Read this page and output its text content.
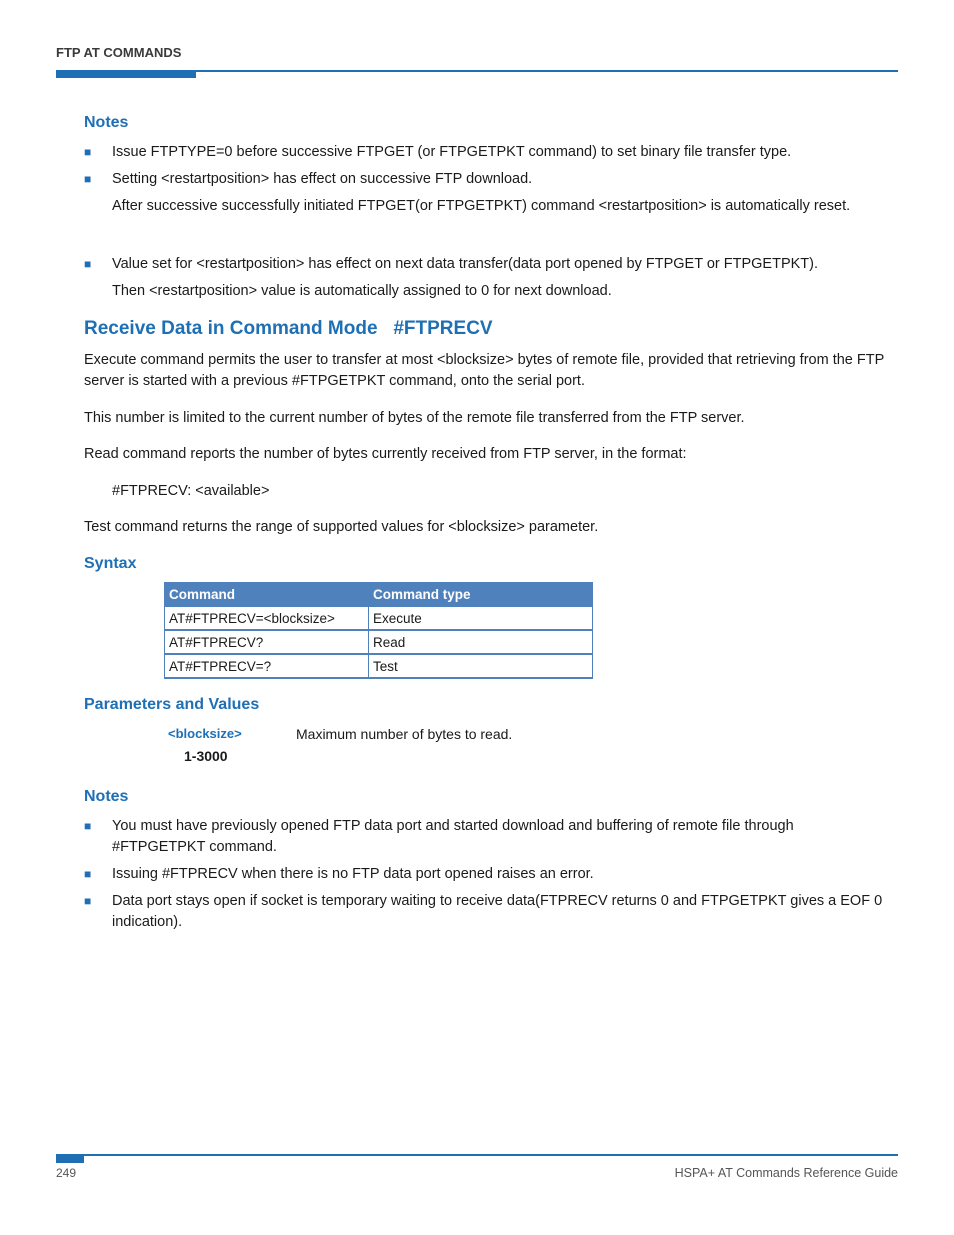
FTP AT COMMANDS
Notes
■ Issue FTPTYPE=0 before successive FTPGET (or FTPGETPKT command) to set binary file transfer type.
■ Setting <restartposition> has effect on successive FTP download.
After successive successfully initiated FTPGET(or FTPGETPKT) command <restartposition> is automatically reset.
■ Value set for <restartposition> has effect on next data transfer(data port opened by FTPGET or FTPGETPKT).
Then <restartposition> value is automatically assigned to 0 for next download.
Receive Data in Command Mode   #FTPRECV
Execute command permits the user to transfer at most <blocksize> bytes of remote file, provided that retrieving from the FTP server is started with a previous #FTPGETPKT command, onto the serial port.
This number is limited to the current number of bytes of the remote file transferred from the FTP server.
Read command reports the number of bytes currently received from FTP server, in the format:
#FTPRECV: <available>
Test command returns the range of supported values for <blocksize> parameter.
Syntax
Command	Command type
AT#FTPRECV=<blocksize>	Execute
AT#FTPRECV?	Read
AT#FTPRECV=?	Test
Parameters and Values
<blocksize>	Maximum number of bytes to read.
1-3000
Notes
■ You must have previously opened FTP data port and started download and buffering of remote file through #FTPGETPKT command.
■ Issuing #FTPRECV when there is no FTP data port opened raises an error.
■ Data port stays open if socket is temporary waiting to receive data(FTPRECV returns 0 and FTPGETPKT gives a EOF 0 indication).
249	HSPA+ AT Commands Reference Guide
